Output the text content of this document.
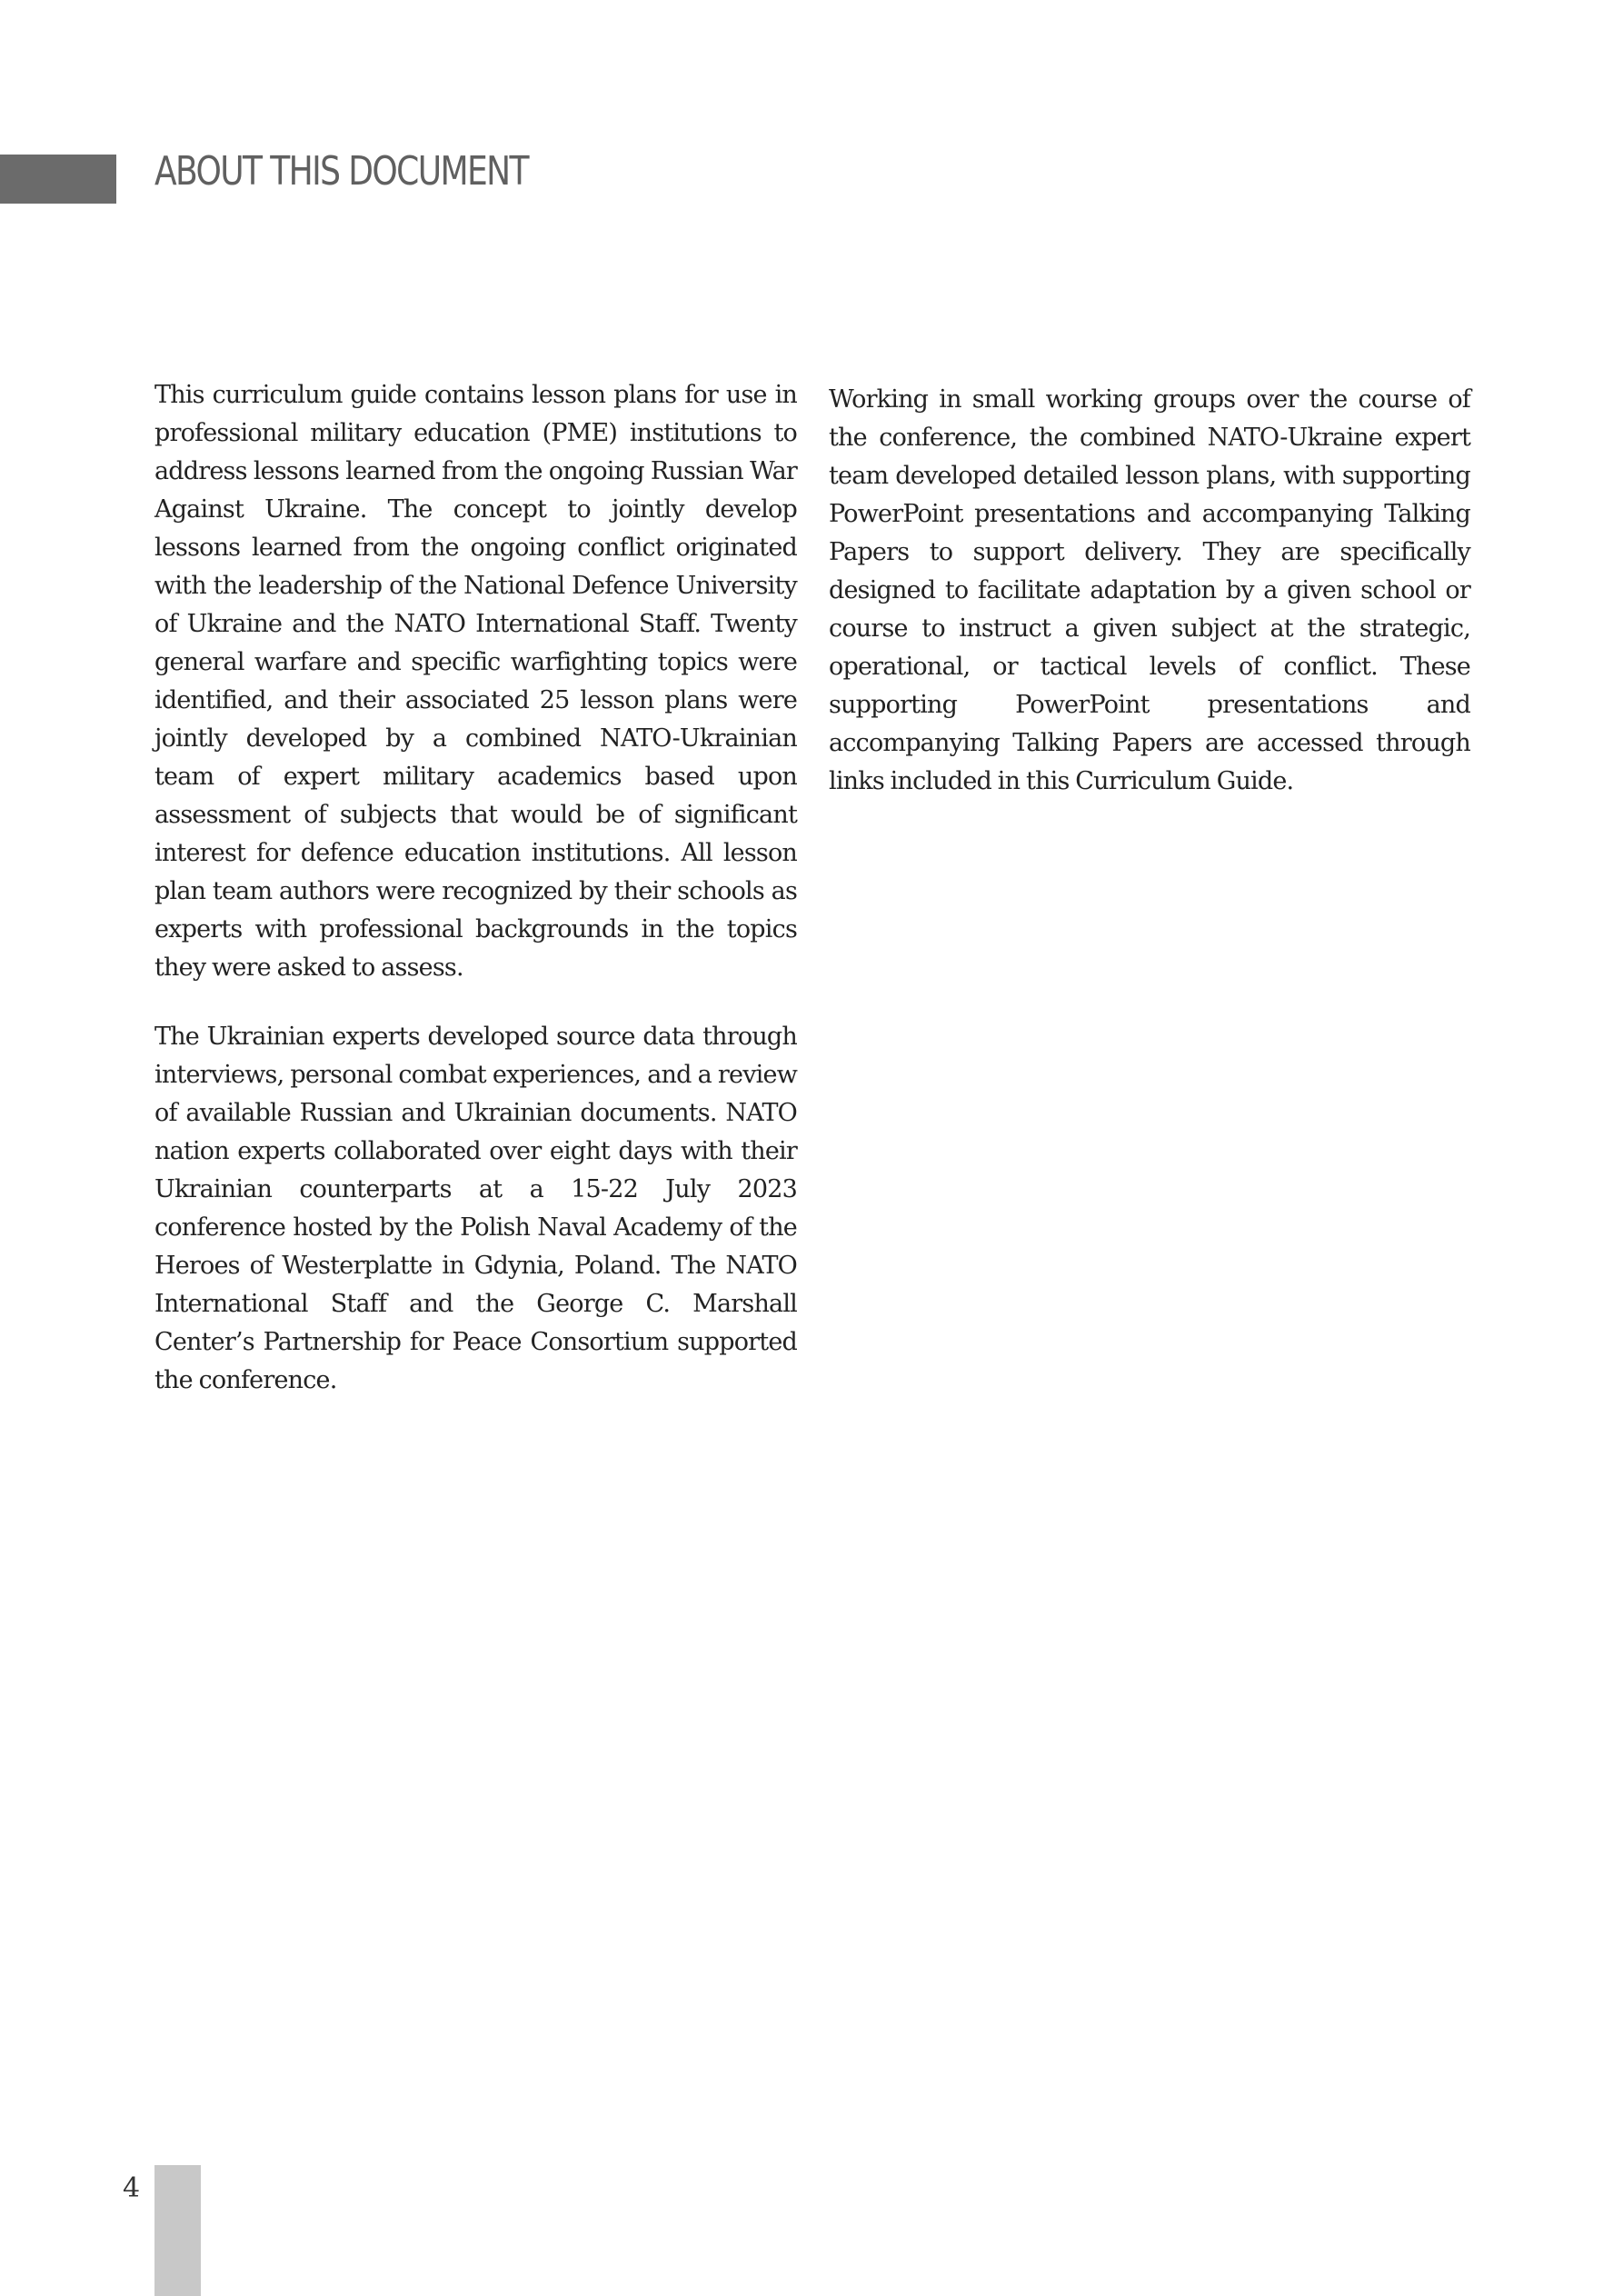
ABOUT THIS DOCUMENT

This curriculum guide contains lesson plans for use in professional military education (PME) institutions to address lessons learned from the ongoing Russian War Against Ukraine. The concept to jointly develop lessons learned from the ongoing conflict originated with the leadership of the National Defence University of Ukraine and the NATO International Staff. Twenty general warfare and specific warfighting topics were identified, and their associated 25 lesson plans were jointly developed by a combined NATO-Ukrainian team of expert military academics based upon assessment of subjects that would be of significant interest for defence education institutions. All lesson plan team authors were recognized by their schools as experts with professional backgrounds in the topics they were asked to assess.

The Ukrainian experts developed source data through interviews, personal combat experiences, and a review of available Russian and Ukrainian documents. NATO nation experts collaborated over eight days with their Ukrainian counterparts at a 15-22 July 2023 conference hosted by the Polish Naval Academy of the Heroes of Westerplatte in Gdynia, Poland. The NATO International Staff and the George C. Marshall Center’s Partnership for Peace Consortium supported the conference.

Working in small working groups over the course of the conference, the combined NATO-Ukraine expert team developed detailed lesson plans, with supporting PowerPoint presentations and accompanying Talking Papers to support delivery. They are specifically designed to facilitate adaptation by a given school or course to instruct a given subject at the strategic, operational, or tactical levels of conflict. These supporting PowerPoint presentations and accompanying Talking Papers are accessed through links included in this Curriculum Guide.

4
